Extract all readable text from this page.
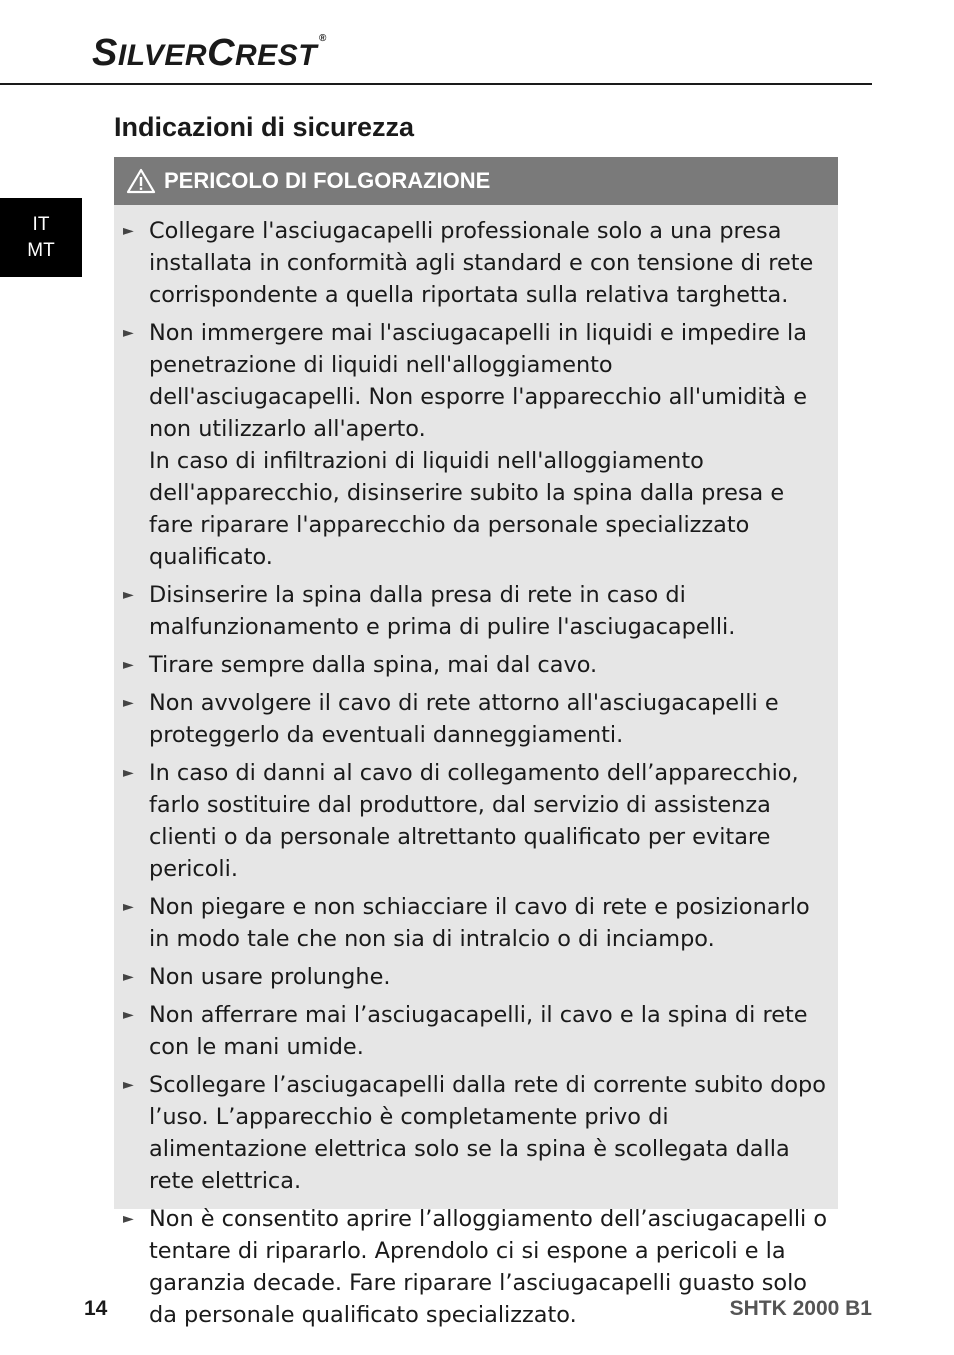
SILVERCREST®
IT
MT
Indicazioni di sicurezza
PERICOLO DI FOLGORAZIONE
► Collegare l'asciugacapelli professionale solo a una presa installata in conformità agli standard e con tensione di rete corrispondente a quella riportata sulla relativa targhetta.
► Non immergere mai l'asciugacapelli in liquidi e impedire la penetrazione di liquidi nell'alloggiamento dell'asciugacapelli. Non esporre l'apparecchio all'umidità e non utilizzarlo all'aperto.
In caso di infiltrazioni di liquidi nell'alloggiamento dell'apparecchio, disinserire subito la spina dalla presa e fare riparare l'apparecchio da personale specializzato qualificato.
► Disinserire la spina dalla presa di rete in caso di malfunzionamento e prima di pulire l'asciugacapelli.
► Tirare sempre dalla spina, mai dal cavo.
► Non avvolgere il cavo di rete attorno all'asciugacapelli e proteggerlo da eventuali danneggiamenti.
► In caso di danni al cavo di collegamento dell’apparecchio, farlo sostituire dal produttore, dal servizio di assistenza clienti o da personale altrettanto qualificato per evitare pericoli.
► Non piegare e non schiacciare il cavo di rete e posizionarlo in modo tale che non sia di intralcio o di inciampo.
► Non usare prolunghe.
► Non afferrare mai l’asciugacapelli, il cavo e la spina di rete con le mani umide.
► Scollegare l’asciugacapelli dalla rete di corrente subito dopo l’uso. L’apparecchio è completamente privo di alimentazione elettrica solo se la spina è scollegata dalla rete elettrica.
► Non è consentito aprire l’alloggiamento dell’asciugacapelli o tentare di ripararlo. Aprendolo ci si espone a pericoli e la garanzia decade. Fare riparare l’asciugacapelli guasto solo da personale qualificato specializzato.
14	SHTK 2000 B1
